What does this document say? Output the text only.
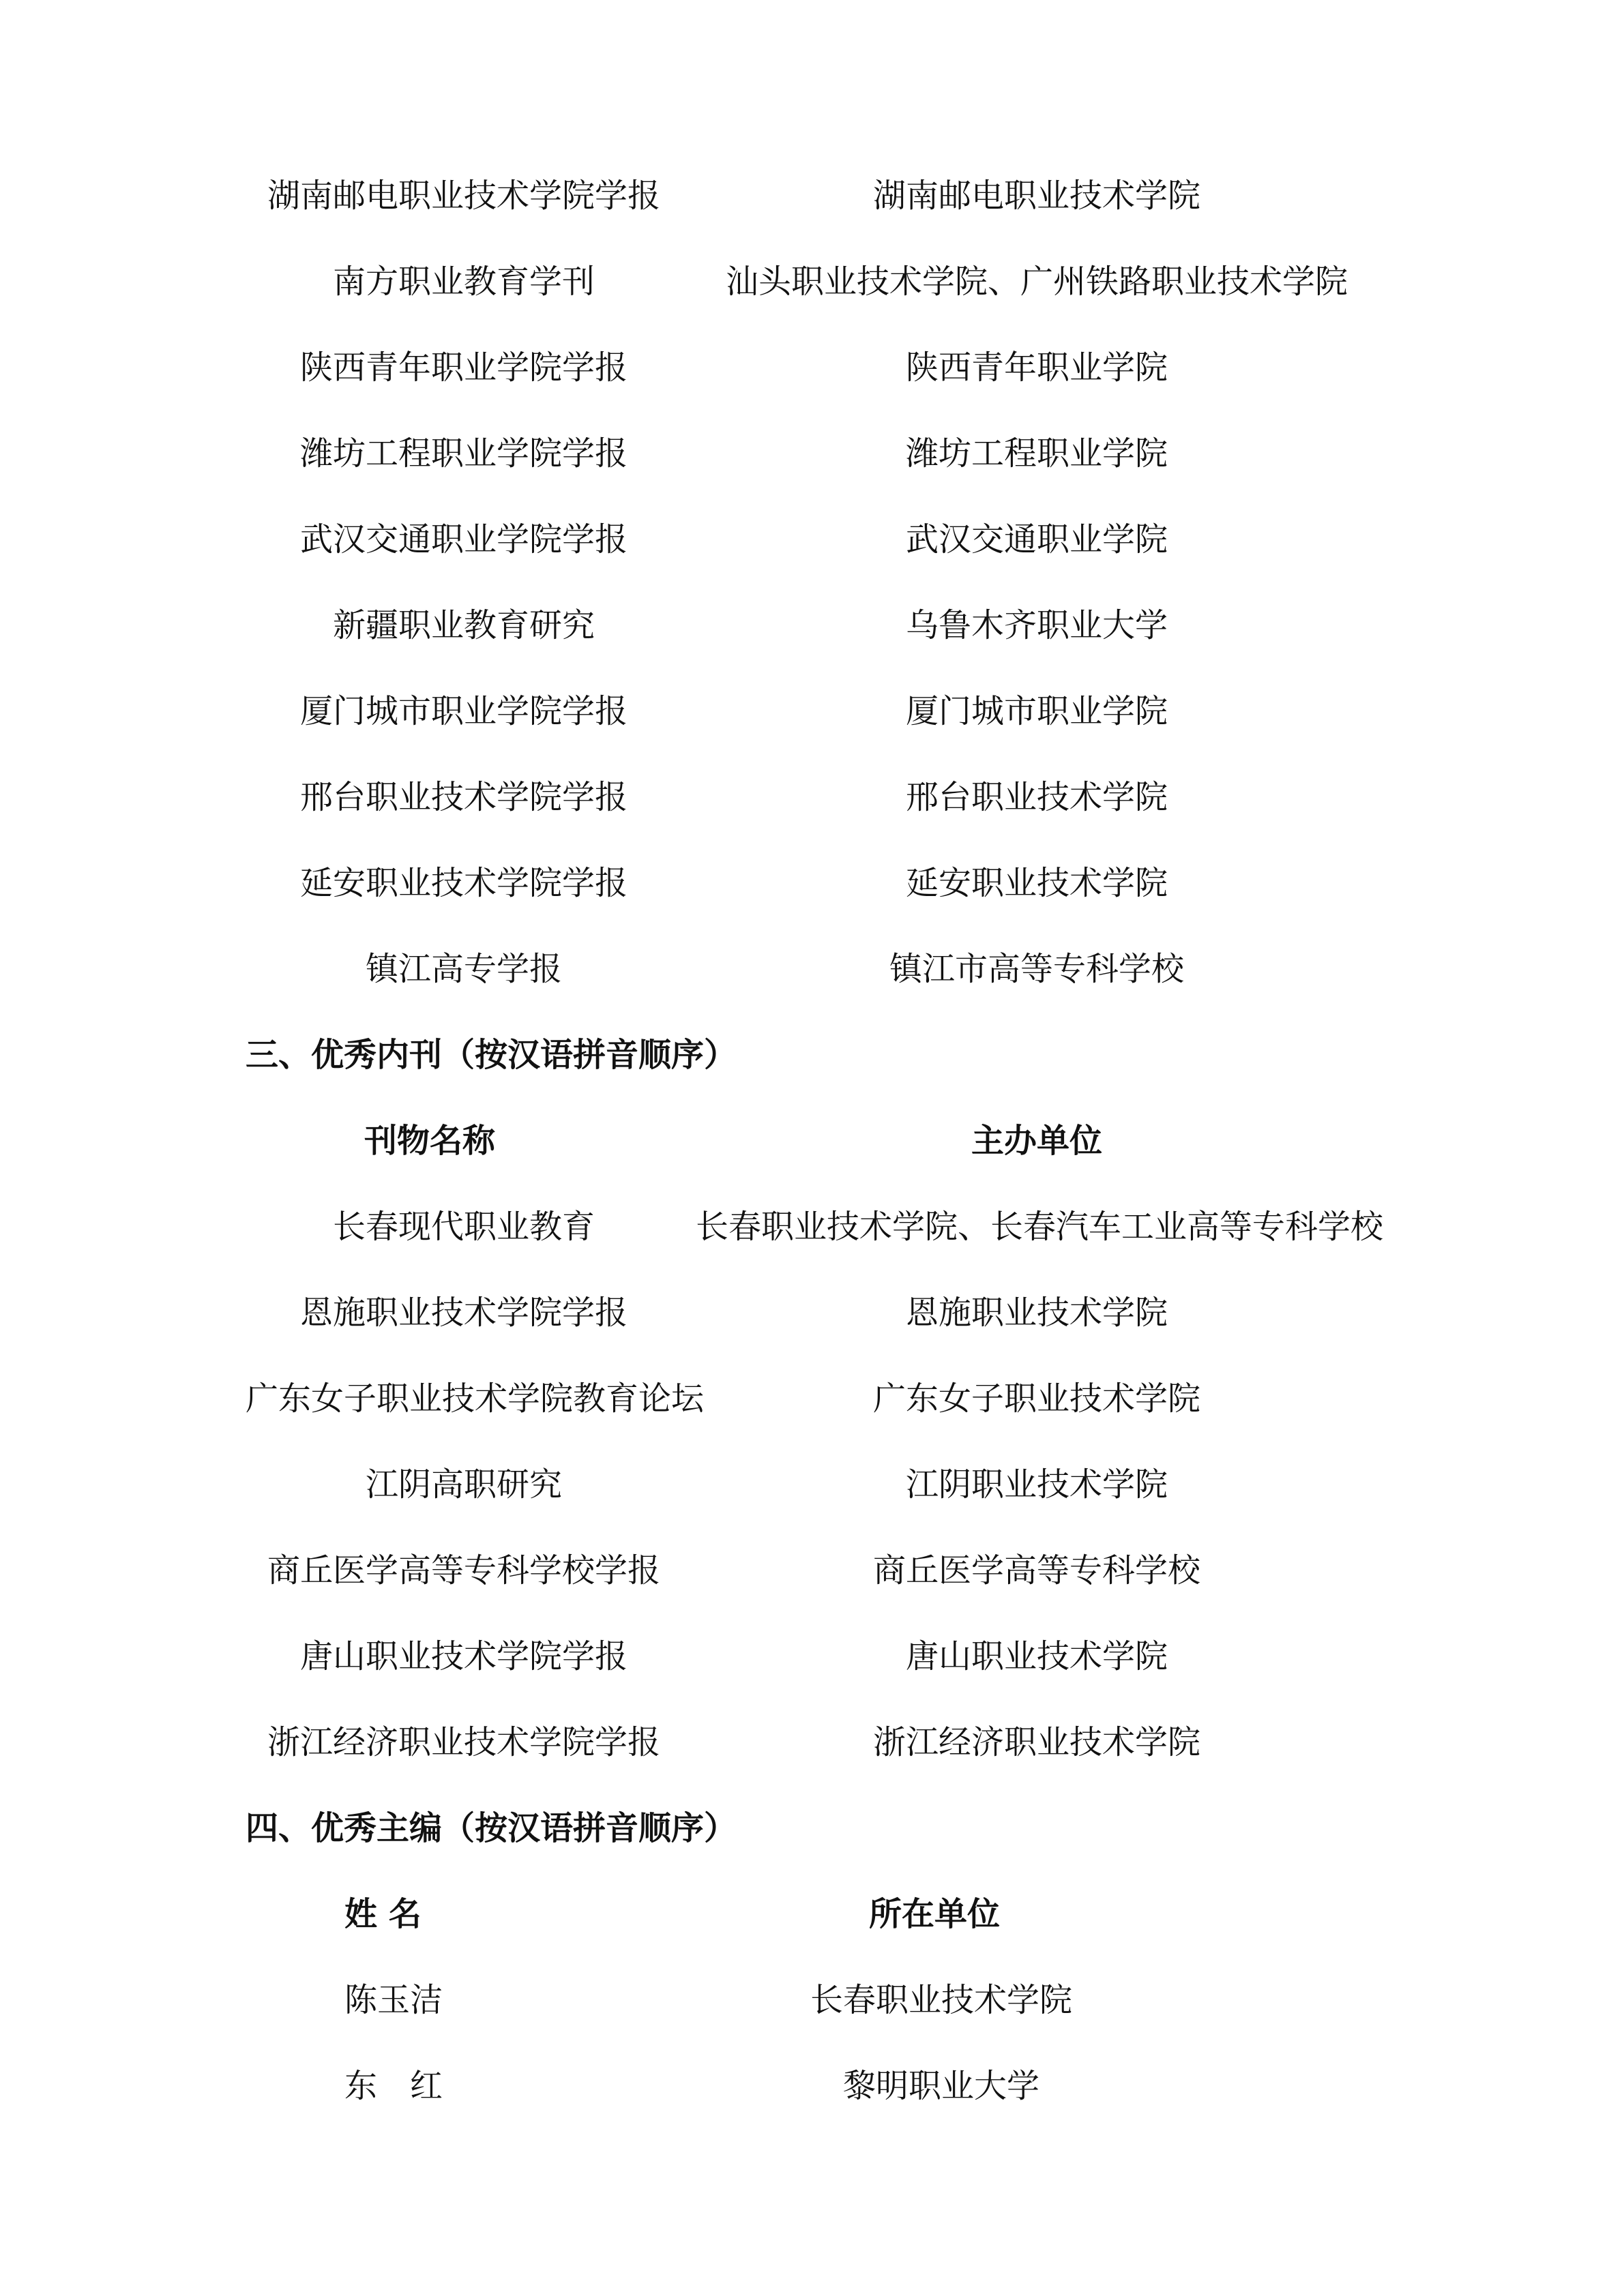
湖南邮电职业技术学院学报	湖南邮电职业技术学院
南方职业教育学刊	汕头职业技术学院、广州铁路职业技术学院
陕西青年职业学院学报	陕西青年职业学院
潍坊工程职业学院学报	潍坊工程职业学院
武汉交通职业学院学报	武汉交通职业学院
新疆职业教育研究	乌鲁木齐职业大学
厦门城市职业学院学报	厦门城市职业学院
邢台职业技术学院学报	邢台职业技术学院
延安职业技术学院学报	延安职业技术学院
镇江高专学报	镇江市高等专科学校
三、优秀内刊（按汉语拼音顺序）
刊物名称	主办单位
长春现代职业教育	长春职业技术学院、长春汽车工业高等专科学校
恩施职业技术学院学报	恩施职业技术学院
广东女子职业技术学院教育论坛	广东女子职业技术学院
江阴高职研究	江阴职业技术学院
商丘医学高等专科学校学报	商丘医学高等专科学校
唐山职业技术学院学报	唐山职业技术学院
浙江经济职业技术学院学报	浙江经济职业技术学院
四、优秀主编（按汉语拼音顺序）
姓 名	所在单位
陈玉洁	长春职业技术学院
东　红	黎明职业大学
